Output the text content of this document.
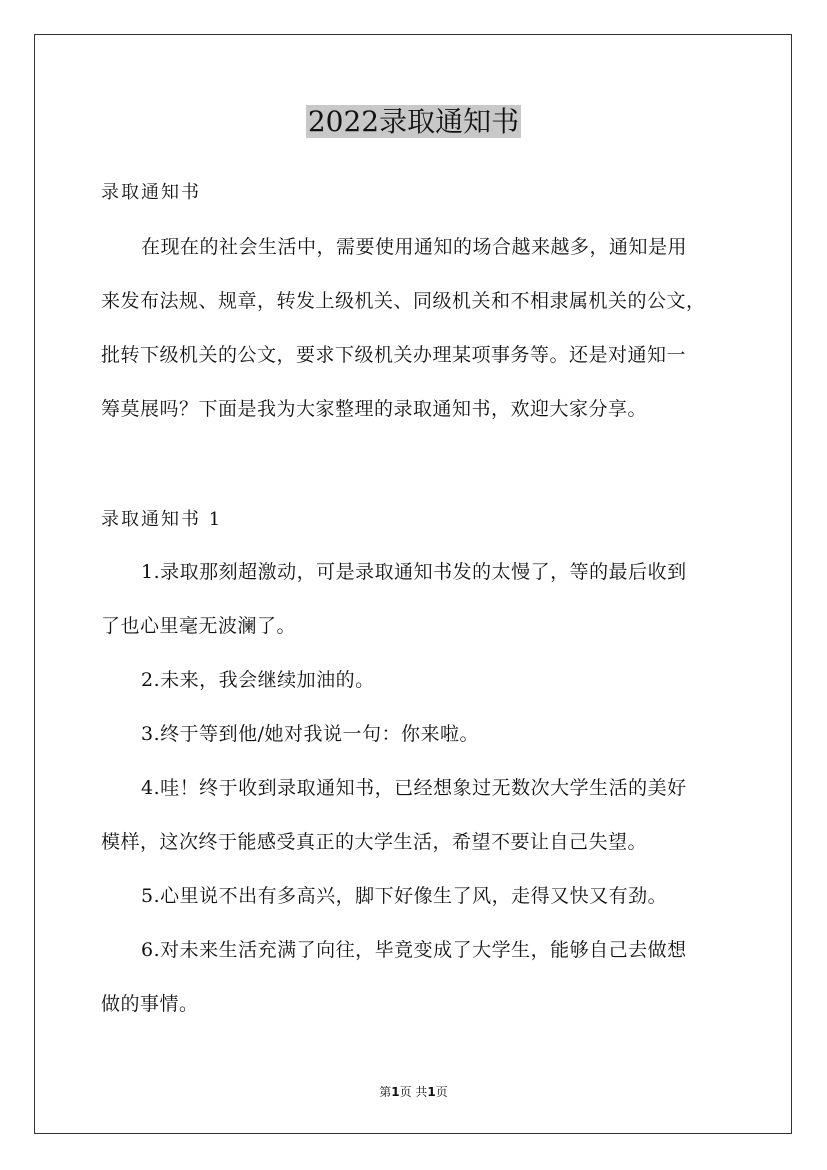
2022录取通知书
录取通知书
在现在的社会生活中，需要使用通知的场合越来越多，通知是用
来发布法规、规章，转发上级机关、同级机关和不相隶属机关的公文，
批转下级机关的公文，要求下级机关办理某项事务等。还是对通知一
筹莫展吗？下面是我为大家整理的录取通知书，欢迎大家分享。
录取通知书 1
1.录取那刻超激动，可是录取通知书发的太慢了，等的最后收到
了也心里毫无波澜了。
2.未来，我会继续加油的。
3.终于等到他/她对我说一句：你来啦。
4.哇！终于收到录取通知书，已经想象过无数次大学生活的美好
模样，这次终于能感受真正的大学生活，希望不要让自己失望。
5.心里说不出有多高兴，脚下好像生了风，走得又快又有劲。
6.对未来生活充满了向往，毕竟变成了大学生，能够自己去做想
做的事情。
第1页 共1页
